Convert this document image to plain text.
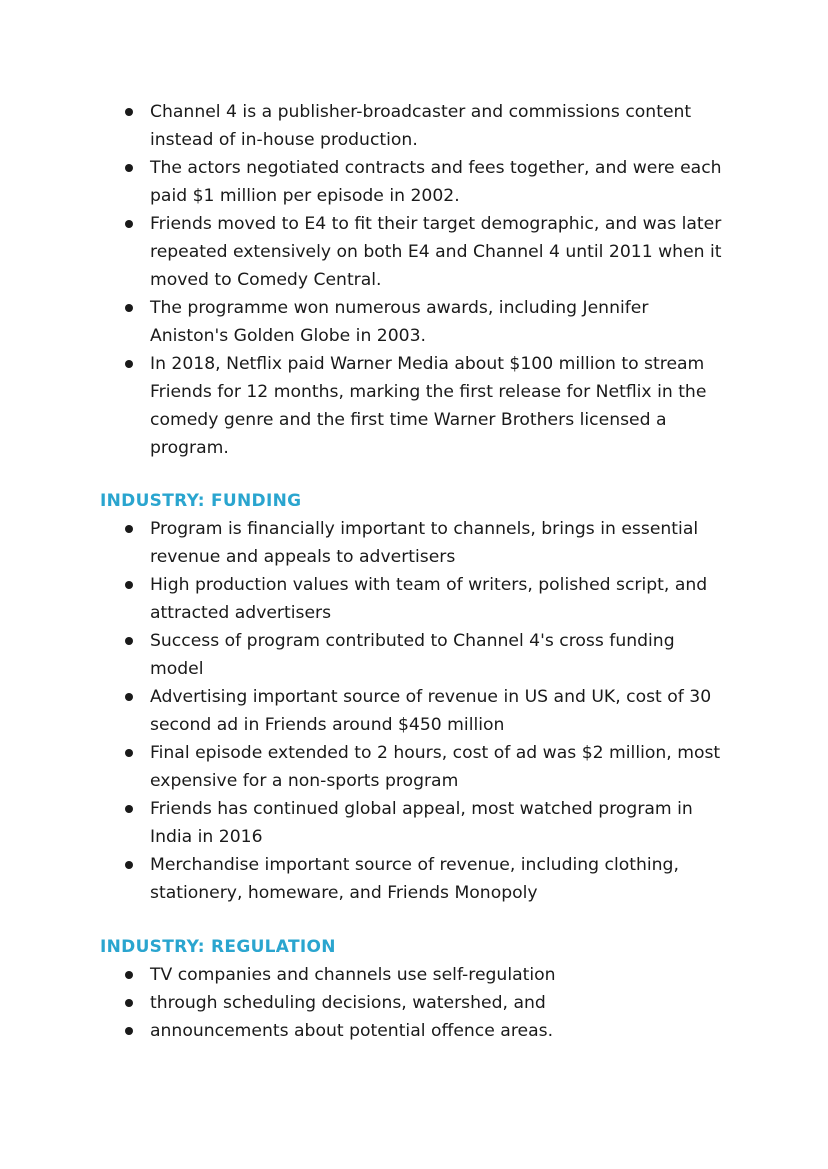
Channel 4 is a publisher-broadcaster and commissions content instead of in-house production.
The actors negotiated contracts and fees together, and were each paid $1 million per episode in 2002.
Friends moved to E4 to fit their target demographic, and was later repeated extensively on both E4 and Channel 4 until 2011 when it moved to Comedy Central.
The programme won numerous awards, including Jennifer Aniston's Golden Globe in 2003.
In 2018, Netflix paid Warner Media about $100 million to stream Friends for 12 months, marking the first release for Netflix in the comedy genre and the first time Warner Brothers licensed a program.
INDUSTRY: FUNDING
Program is financially important to channels, brings in essential revenue and appeals to advertisers
High production values with team of writers, polished script, and attracted advertisers
Success of program contributed to Channel 4's cross funding model
Advertising important source of revenue in US and UK, cost of 30 second ad in Friends around $450 million
Final episode extended to 2 hours, cost of ad was $2 million, most expensive for a non-sports program
Friends has continued global appeal, most watched program in India in 2016
Merchandise important source of revenue, including clothing, stationery, homeware, and Friends Monopoly
INDUSTRY: REGULATION
TV companies and channels use self-regulation
through scheduling decisions, watershed, and
announcements about potential offence areas.
